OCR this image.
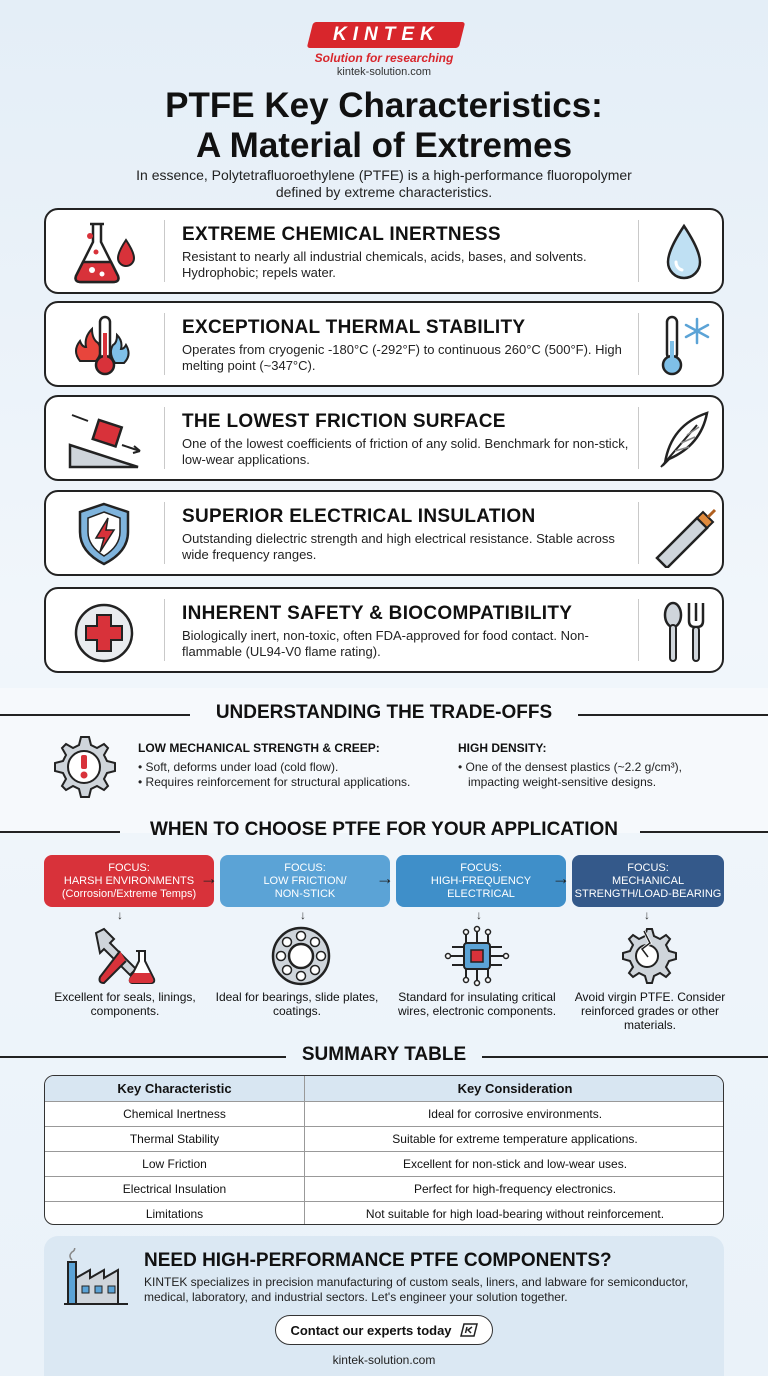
KINTEK
Solution for researching
kintek-solution.com
PTFE Key Characteristics:
A Material of Extremes
In essence, Polytetrafluoroethylene (PTFE) is a high-performance fluoropolymer defined by extreme characteristics.
EXTREME CHEMICAL INERTNESS
Resistant to nearly all industrial chemicals, acids, bases, and solvents. Hydrophobic; repels water.
EXCEPTIONAL THERMAL STABILITY
Operates from cryogenic -180°C (-292°F) to continuous 260°C (500°F). High melting point (~347°C).
THE LOWEST FRICTION SURFACE
One of the lowest coefficients of friction of any solid. Benchmark for non-stick, low-wear applications.
SUPERIOR ELECTRICAL INSULATION
Outstanding dielectric strength and high electrical resistance. Stable across wide frequency ranges.
INHERENT SAFETY & BIOCOMPATIBILITY
Biologically inert, non-toxic, often FDA-approved for food contact. Non-flammable (UL94-V0 flame rating).
UNDERSTANDING THE TRADE-OFFS
LOW MECHANICAL STRENGTH & CREEP:
• Soft, deforms under load (cold flow).
• Requires reinforcement for structural applications.
HIGH DENSITY:
• One of the densest plastics (~2.2 g/cm³),
impacting weight-sensitive designs.
WHEN TO CHOOSE PTFE FOR YOUR APPLICATION
FOCUS:
HARSH ENVIRONMENTS
(Corrosion/Extreme Temps)
→
FOCUS:
LOW FRICTION/
NON-STICK
→
FOCUS:
HIGH-FREQUENCY
ELECTRICAL
→
FOCUS:
MECHANICAL
STRENGTH/LOAD-BEARING
↓	↓	↓	↓
Excellent for seals, linings, components.
Ideal for bearings, slide plates, coatings.
Standard for insulating critical wires, electronic components.
Avoid virgin PTFE. Consider reinforced grades or other materials.
SUMMARY TABLE
Key Characteristic	Key Consideration
Chemical Inertness	Ideal for corrosive environments.
Thermal Stability	Suitable for extreme temperature applications.
Low Friction	Excellent for non-stick and low-wear uses.
Electrical Insulation	Perfect for high-frequency electronics.
Limitations	Not suitable for high load-bearing without reinforcement.
NEED HIGH-PERFORMANCE PTFE COMPONENTS?
KINTEK specializes in precision manufacturing of custom seals, liners, and labware for semiconductor, medical, laboratory, and industrial sectors. Let's engineer your solution together.
Contact our experts today
kintek-solution.com
